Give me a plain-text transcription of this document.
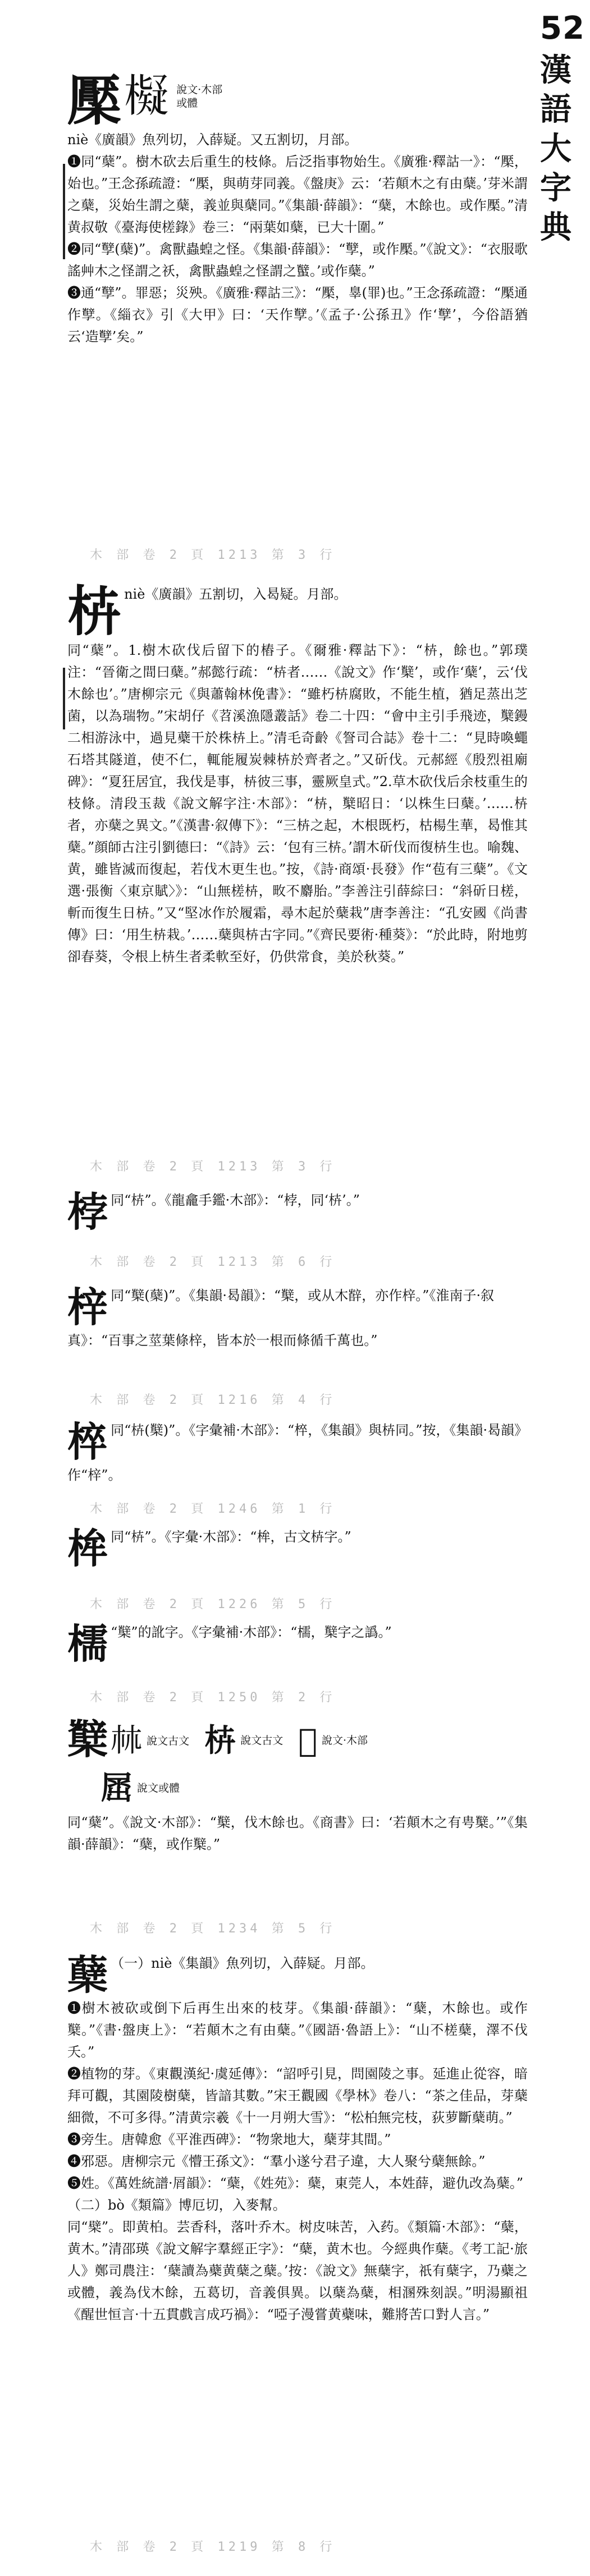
52
漢
語
大
字
典
檿 𣝅 說文·木部
或體

niè《廣韻》魚列切，入薛疑。又五割切，月部。

❶同“蘖”。樹木砍去后重生的枝條。后泛指事物始生。《廣雅·釋詁一》：“檿，始也。”王念孫疏證：“檿，與萌芽同義。《盤庚》云：‘若顛木之有由蘖。’芽米謂之蘖，災始生謂之蘖，義並與蘖同。”《集韻·薛韻》：“蘖，木餘也。或作檿。”清黄叔敬《臺海使槎錄》卷三：“兩葉如蘖，已大十圍。”

❷同“孼(蘖)”。禽獸蟲蝗之怪。《集韻·薛韻》：“孼，或作檿。”《說文》：“衣服歌謠艸木之怪謂之祅，禽獸蟲蝗之怪謂之蠥。’或作蘖。”

❸通“孼”。罪惡；災殃。《廣雅·釋詁三》：“檿，辠(罪)也。”王念孫疏證：“檿通作孼。《緇衣》引《大甲》曰：‘天作孼。’《孟子·公孫丑》作‘孼’，今俗語猶云‘造孼’矣。”

木 部 卷 2 頁 1213 第 3 行
枿 niè《廣韻》五割切，入曷疑。月部。

同“蘖”。1.樹木砍伐后留下的樁子。《爾雅·釋詁下》：“枿，餘也。”郭璞注：“晉衛之間曰蘖。”郝懿行疏：“枿者……《說文》作‘櫱’，或作‘蘖’，云‘伐木餘也’。”唐柳宗元《與蕭翰林俛書》：“雖朽枿腐敗，不能生植，猶足蒸出芝菌，以為瑞物。”宋胡仔《苕溪漁隱叢話》卷二十四：“會中主引手飛迹，櫱鏝二相游泳中，過見蘗干於株枿上。”清毛奇齡《詧司合誌》卷十二：“見時喚蠅石塔其隧道，使不仁，輒能履炭棘枿於齊者之。”又斫伐。元郝經《殷烈祖廟碑》：“夏狂居宜，我伐是事，枿彼三事，靈厥皇式。”2.草木砍伐后余枝重生的枝條。清段玉裁《說文解字注·木部》：“枿，櫱昭日：‘以株生曰蘖。’……枿者，亦蘖之異文。”《漢書·叙傳下》：“三枿之起，木根既朽，枯楊生華，曷惟其蘖。”顔師古注引劉德曰：“《詩》云：‘包有三枿。’謂木斫伐而復枿生也。喻魏、黄，雖皆滅而復起，若伐木更生也。”按，《詩·商頌·長發》作“苞有三蘖”。《文選·張衡〈東京賦〉》：“山無槎枿，畋不麝胎。”李善注引薛綜曰：“斜斫日槎，斬而復生日枿。”又“堅冰作於履霜，尋木起於蘖栽”唐李善注：“孔安國《尚書傳》曰：‘用生枿栽。’……蘖與枿古字同。”《齊民要術·種葵》：“於此時，附地剪卻春葵，令根上枿生者柔軟至好，仍供常食，美於秋葵。”

木 部 卷 2 頁 1213 第 3 行
桲 同“枿”。《龍龕手鑑·木部》：“桲，同‘枿’。”

木 部 卷 2 頁 1213 第 6 行
梓 同“櫱(蘖)”。《集韻·曷韻》：“櫱，或从木辥，亦作梓。”《淮南子·叙真》：“百事之莖葉條梓，皆本於一根而條循千萬也。”

木 部 卷 2 頁 1216 第 4 行
椊 同“枿(櫱)”。《字彙補·木部》：“椊，《集韻》與枿同。”按，《集韻·曷韻》作“梓”。

木 部 卷 2 頁 1246 第 1 行
桙 同“枿”。《字彙·木部》：“桙，古文枿字。”

木 部 卷 2 頁 1226 第 5 行
檽 “櫱”的訛字。《字彙補·木部》：“檽，櫱字之譌。”

木 部 卷 2 頁 1250 第 2 行
櫱 𣏟 說文古文
枿 說文古文
𣡘 說文·木部
𡲬 說文或體

同“蘖”。《說文·木部》：“櫱，伐木餘也。《商書》曰：‘若顛木之有甹櫱。’”《集韻·薛韻》：“蘖，或作櫱。”

木 部 卷 2 頁 1234 第 5 行
蘖 （一）niè《集韻》魚列切，入薛疑。月部。

❶樹木被砍或倒下后再生出來的枝芽。《集韻·薛韻》：“蘖，木餘也。或作櫱。”《書·盤庚上》：“若顛木之有由蘖。”《國語·魯語上》：“山不槎蘖，澤不伐夭。”

❷植物的芽。《東觀漢紀·虞延傳》：“詔呼引見，問園陵之事。延進止從容，暗拜可觀，其園陵樹蘖，皆諳其數。”宋王觀國《學林》卷八：“茶之佳品，芽蘖細微，不可多得。”清黄宗羲《十一月朔大雪》：“松柏無完枝，荻萝斷蘖萌。”

❸旁生。唐韓愈《平淮西碑》：“物衆地大，蘖芽其間。”

❹邪惡。唐柳宗元《懵王孫文》：“羣小遂兮君子違，大人聚兮蘖無餘。”

❺姓。《萬姓統譜·屑韻》：“蘖，《姓苑》：蘖，東莞人，本姓薛，避仇改為蘖。”

（二）bò《類篇》博厄切，入麥幫。

同“檗”。即黄柏。芸香科，落叶乔木。树皮味苦，入药。《類篇·木部》：“蘖，黄木。”清邵瑛《說文解字羣經正字》：“蘖，黄木也。今經典作蘖。《考工記·旅人》鄭司農注：‘蘖讀為蘗黄蘖之蘖。’按：《說文》無蘖字，祇有蘖字，乃蘗之或體，義為伐木餘，五葛切，音義俱異。以蘖為蘖，相溷殊刻誤。”明湯顯祖《醒世恒言·十五貫戲言成巧禍》：“啞子漫嘗黄蘗味，難將苦口對人言。”

木 部 卷 2 頁 1219 第 8 行
